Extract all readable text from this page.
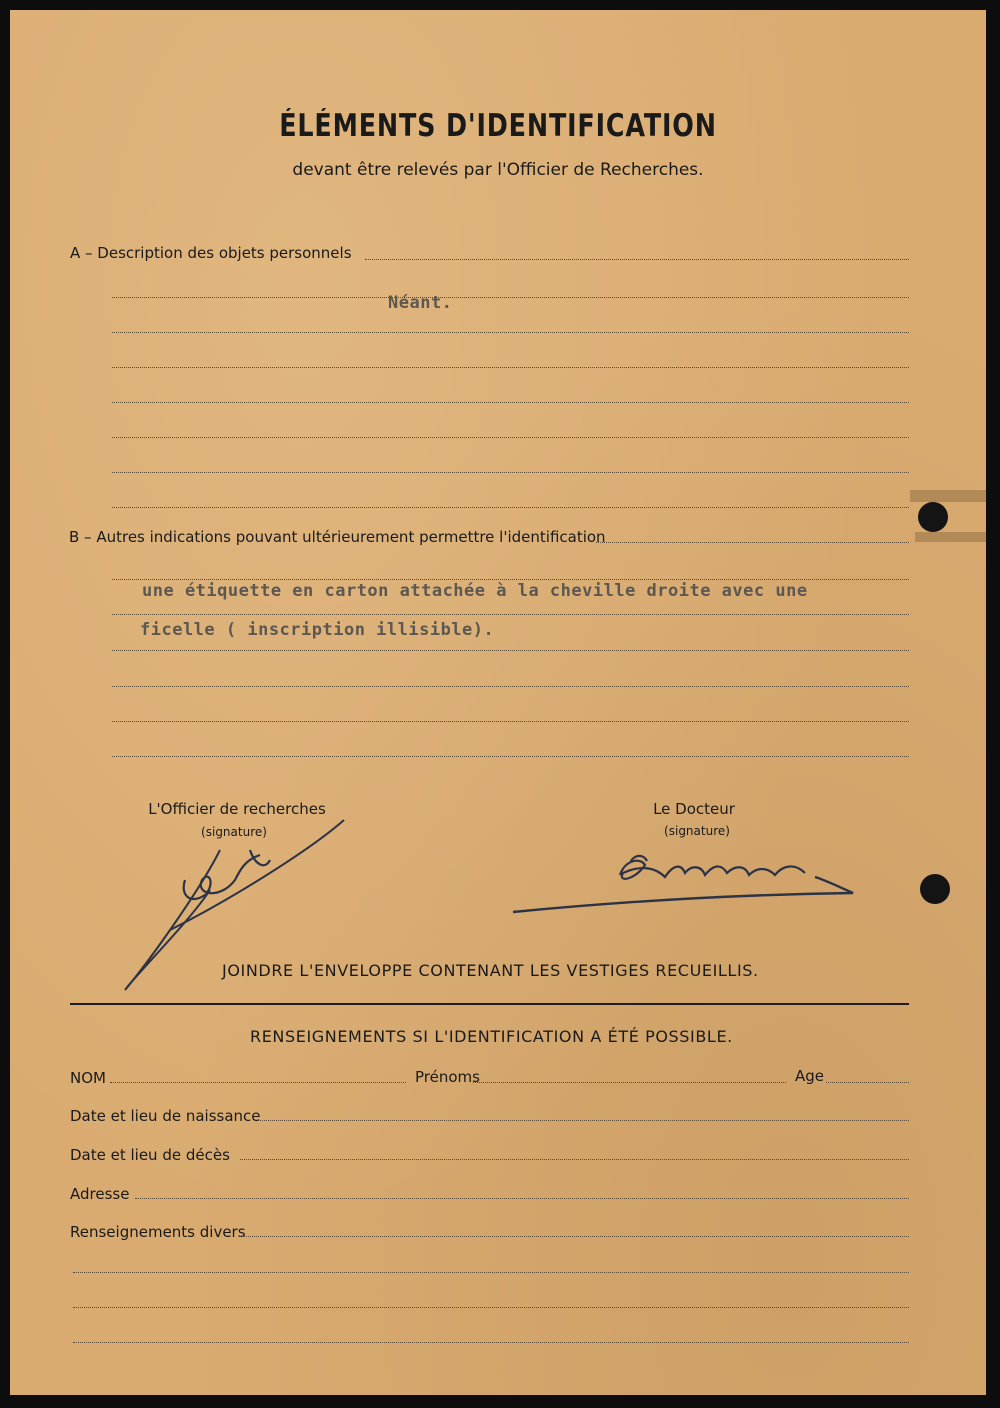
ÉLÉMENTS D'IDENTIFICATION
devant être relevés par l'Officier de Recherches.
A – Description des objets personnels
Néant.
B – Autres indications pouvant ultérieurement permettre l'identification
une étiquette en carton attachée à la cheville droite avec une
ficelle ( inscription illisible).
L'Officier de recherches
(signature)
Le Docteur
(signature)
JOINDRE L'ENVELOPPE CONTENANT LES VESTIGES RECUEILLIS.
RENSEIGNEMENTS SI L'IDENTIFICATION A ÉTÉ POSSIBLE.
NOM	Prénoms	Age
Date et lieu de naissance
Date et lieu de décès
Adresse
Renseignements divers
